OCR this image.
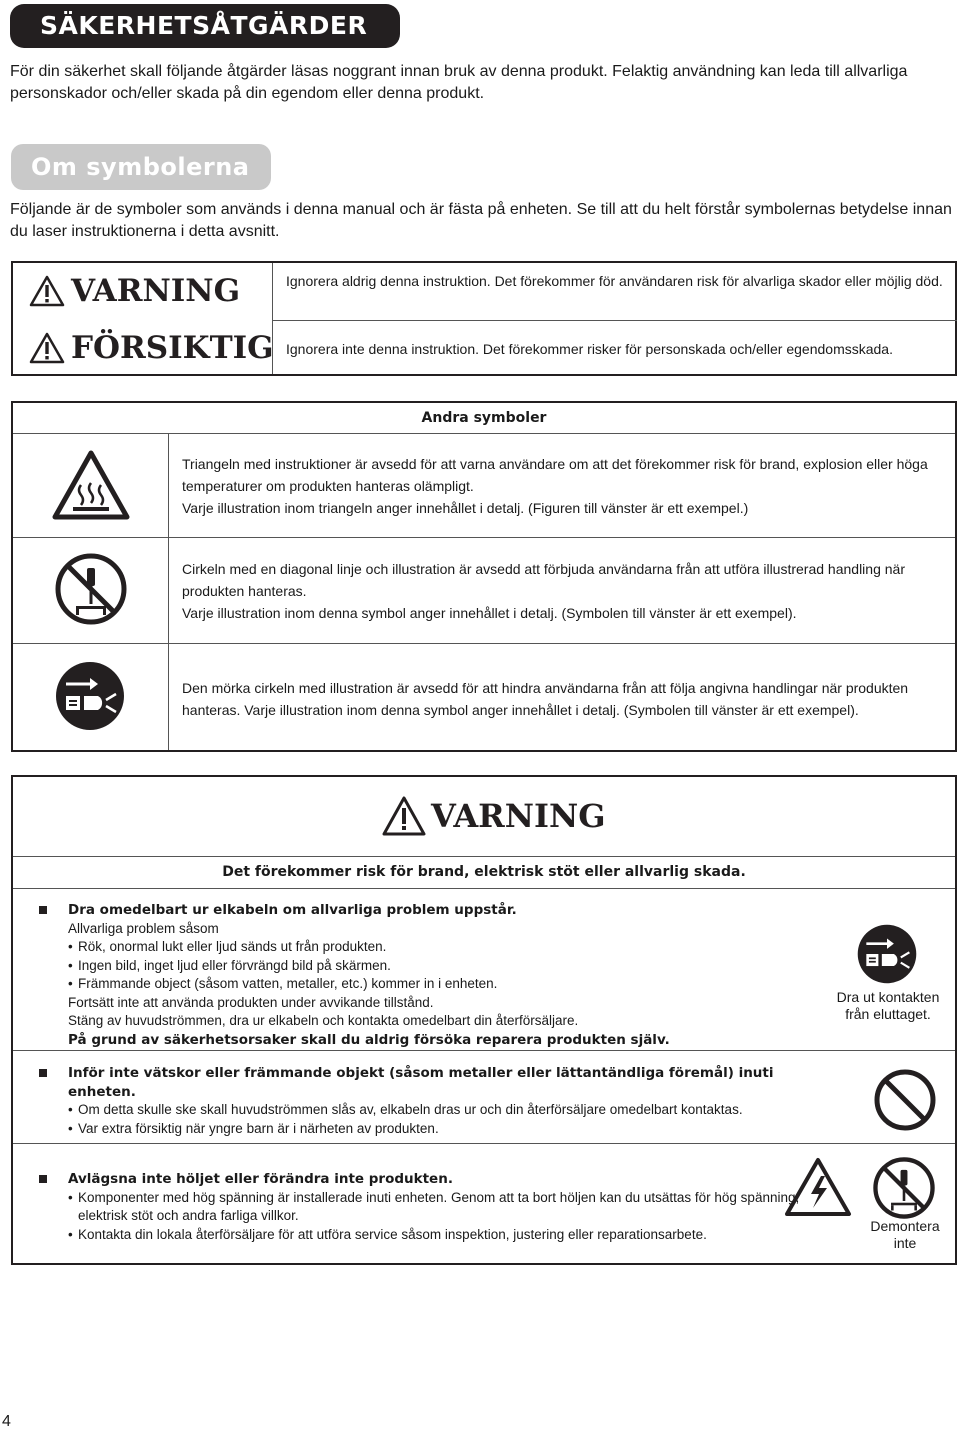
SÄKERHETSÅTGÄRDER

För din säkerhet skall följande åtgärder läsas noggrant innan bruk av denna produkt. Felaktig användning kan leda till allvarliga personskador och/eller skada på din egendom eller denna produkt.

Om symbolerna

Följande är de symboler som används i denna manual och är fästa på enheten. Se till att du helt förstår symbolernas betydelse innan du laser instruktionerna i detta avsnitt.

VARNING	Ignorera aldrig denna instruktion. Det förekommer för användaren risk för alvarliga skador eller möjlig död.
FÖRSIKTIG Ignorera inte denna instruktion. Det förekommer risker för personskada och/eller egendomsskada.
Andra symboler
Triangeln med instruktioner är avsedd för att varna användare om att det förekommer risk för brand, explosion eller höga temperaturer om produkten hanteras olämpligt.
Varje illustration inom triangeln anger innehållet i detalj. (Figuren till vänster är ett exempel.)
Cirkeln med en diagonal linje och illustration är avsedd att förbjuda användarna från att utföra illustrerad handling när produkten hanteras.
Varje illustration inom denna symbol anger innehållet i detalj. (Symbolen till vänster är ett exempel).
Den mörka cirkeln med illustration är avsedd för att hindra användarna från att följa angivna handlingar när produkten hanteras. Varje illustration inom denna symbol anger innehållet i detalj. (Symbolen till vänster är ett exempel).
VARNING
Det förekommer risk för brand, elektrisk stöt eller allvarlig skada.
Dra omedelbart ur elkabeln om allvarliga problem uppstår.
Allvarliga problem såsom
• Rök, onormal lukt eller ljud sänds ut från produkten.
• Ingen bild, inget ljud eller förvrängd bild på skärmen.
• Främmande object (såsom vatten, metaller, etc.) kommer in i enheten.
Fortsätt inte att använda produkten under avvikande tillstånd.
Stäng av huvudströmmen, dra ur elkabeln och kontakta omedelbart din återförsäljare.
På grund av säkerhetsorsaker skall du aldrig försöka reparera produkten själv.
Dra ut kontakten från eluttaget.
Inför inte vätskor eller främmande objekt (såsom metaller eller lättantändliga föremål) inuti enheten.
• Om detta skulle ske skall huvudströmmen slås av, elkabeln dras ur och din återförsäljare omedelbart kontaktas.
• Var extra försiktig när yngre barn är i närheten av produkten.
Avlägsna inte höljet eller förändra inte produkten.
• Komponenter med hög spänning är installerade inuti enheten. Genom att ta bort höljen kan du utsättas för hög spänning, elektrisk stöt och andra farliga villkor.
• Kontakta din lokala återförsäljare för att utföra service såsom inspektion, justering eller reparationsarbete.	Demontera inte
4
